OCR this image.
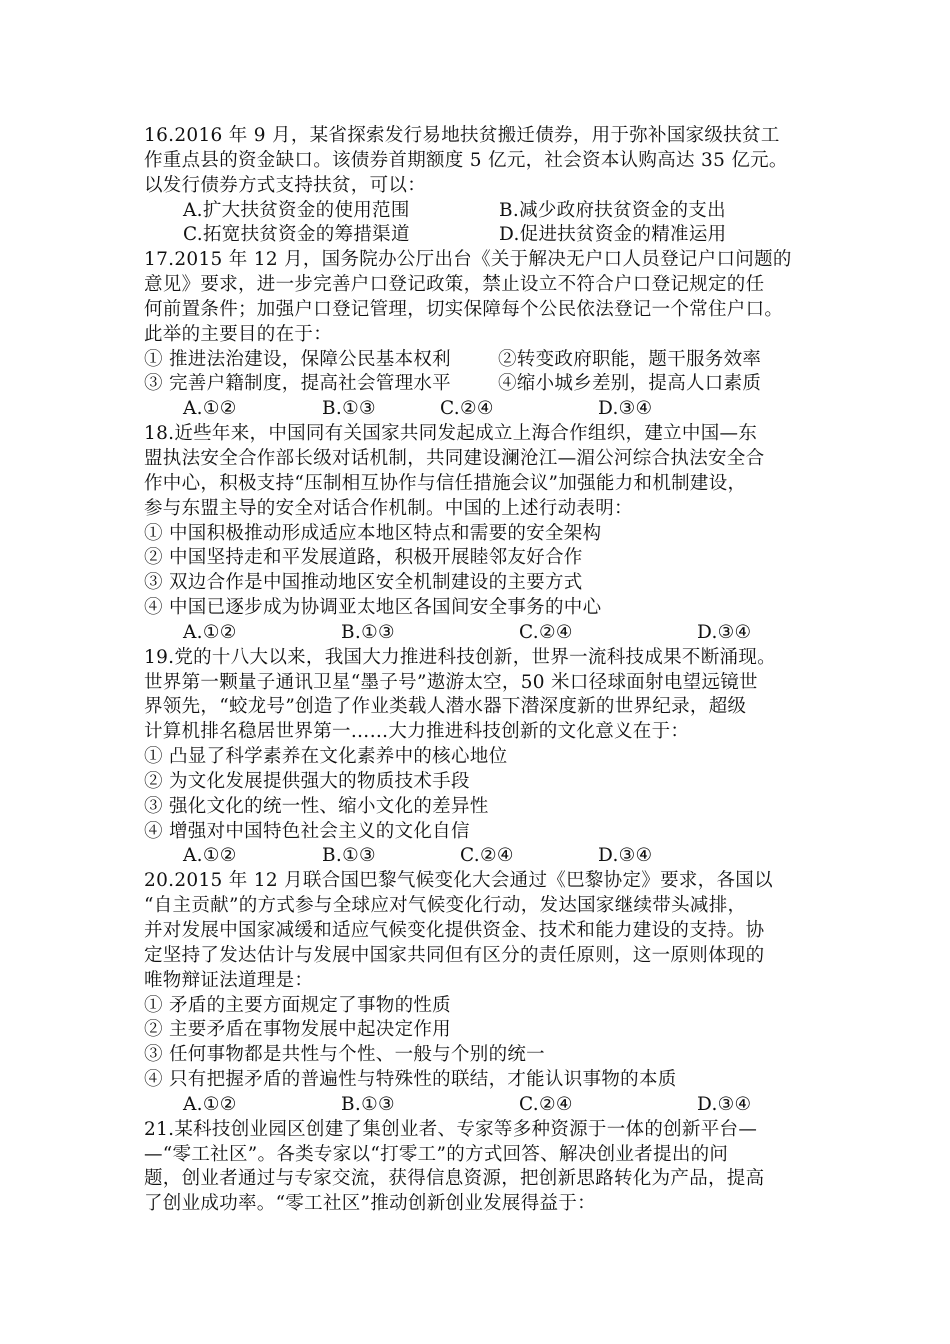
16.2016 年 9 月，某省探索发行易地扶贫搬迁债券，用于弥补国家级扶贫工
作重点县的资金缺口。该债券首期额度 5 亿元，社会资本认购高达 35 亿元。
以发行债券方式支持扶贫，可以：
A.扩大扶贫资金的使用范围	B.减少政府扶贫资金的支出
C.拓宽扶贫资金的筹措渠道	D.促进扶贫资金的精准运用
17.2015 年 12 月，国务院办公厅出台《关于解决无户口人员登记户口问题的
意见》要求，进一步完善户口登记政策，禁止设立不符合户口登记规定的任
何前置条件；加强户口登记管理，切实保障每个公民依法登记一个常住户口。
此举的主要目的在于：
① 推进法治建设，保障公民基本权利	②转变政府职能，题干服务效率
③ 完善户籍制度，提高社会管理水平	④缩小城乡差别，提高人口素质
A.①②	B.①③	C.②④	D.③④
18.近些年来，中国同有关国家共同发起成立上海合作组织，建立中国—东
盟执法安全合作部长级对话机制，共同建设澜沧江—湄公河综合执法安全合
作中心，积极支持“压制相互协作与信任措施会议”加强能力和机制建设，
参与东盟主导的安全对话合作机制。中国的上述行动表明：
① 中国积极推动形成适应本地区特点和需要的安全架构
② 中国坚持走和平发展道路，积极开展睦邻友好合作
③ 双边合作是中国推动地区安全机制建设的主要方式
④ 中国已逐步成为协调亚太地区各国间安全事务的中心
A.①②	B.①③	C.②④	D.③④
19.党的十八大以来，我国大力推进科技创新，世界一流科技成果不断涌现。
世界第一颗量子通讯卫星“墨子号”遨游太空，50 米口径球面射电望远镜世
界领先，“蛟龙号”创造了作业类载人潜水器下潜深度新的世界纪录，超级
计算机排名稳居世界第一……大力推进科技创新的文化意义在于：
① 凸显了科学素养在文化素养中的核心地位
② 为文化发展提供强大的物质技术手段
③ 强化文化的统一性、缩小文化的差异性
④ 增强对中国特色社会主义的文化自信
A.①②	B.①③	C.②④	D.③④
20.2015 年 12 月联合国巴黎气候变化大会通过《巴黎协定》要求，各国以
“自主贡献”的方式参与全球应对气候变化行动，发达国家继续带头减排，
并对发展中国家减缓和适应气候变化提供资金、技术和能力建设的支持。协
定坚持了发达估计与发展中国家共同但有区分的责任原则，这一原则体现的
唯物辩证法道理是：
① 矛盾的主要方面规定了事物的性质
② 主要矛盾在事物发展中起决定作用
③ 任何事物都是共性与个性、一般与个别的统一
④ 只有把握矛盾的普遍性与特殊性的联结，才能认识事物的本质
A.①②	B.①③	C.②④	D.③④
21.某科技创业园区创建了集创业者、专家等多种资源于一体的创新平台—
—“零工社区”。各类专家以“打零工”的方式回答、解决创业者提出的问
题，创业者通过与专家交流，获得信息资源，把创新思路转化为产品，提高
了创业成功率。“零工社区”推动创新创业发展得益于：
